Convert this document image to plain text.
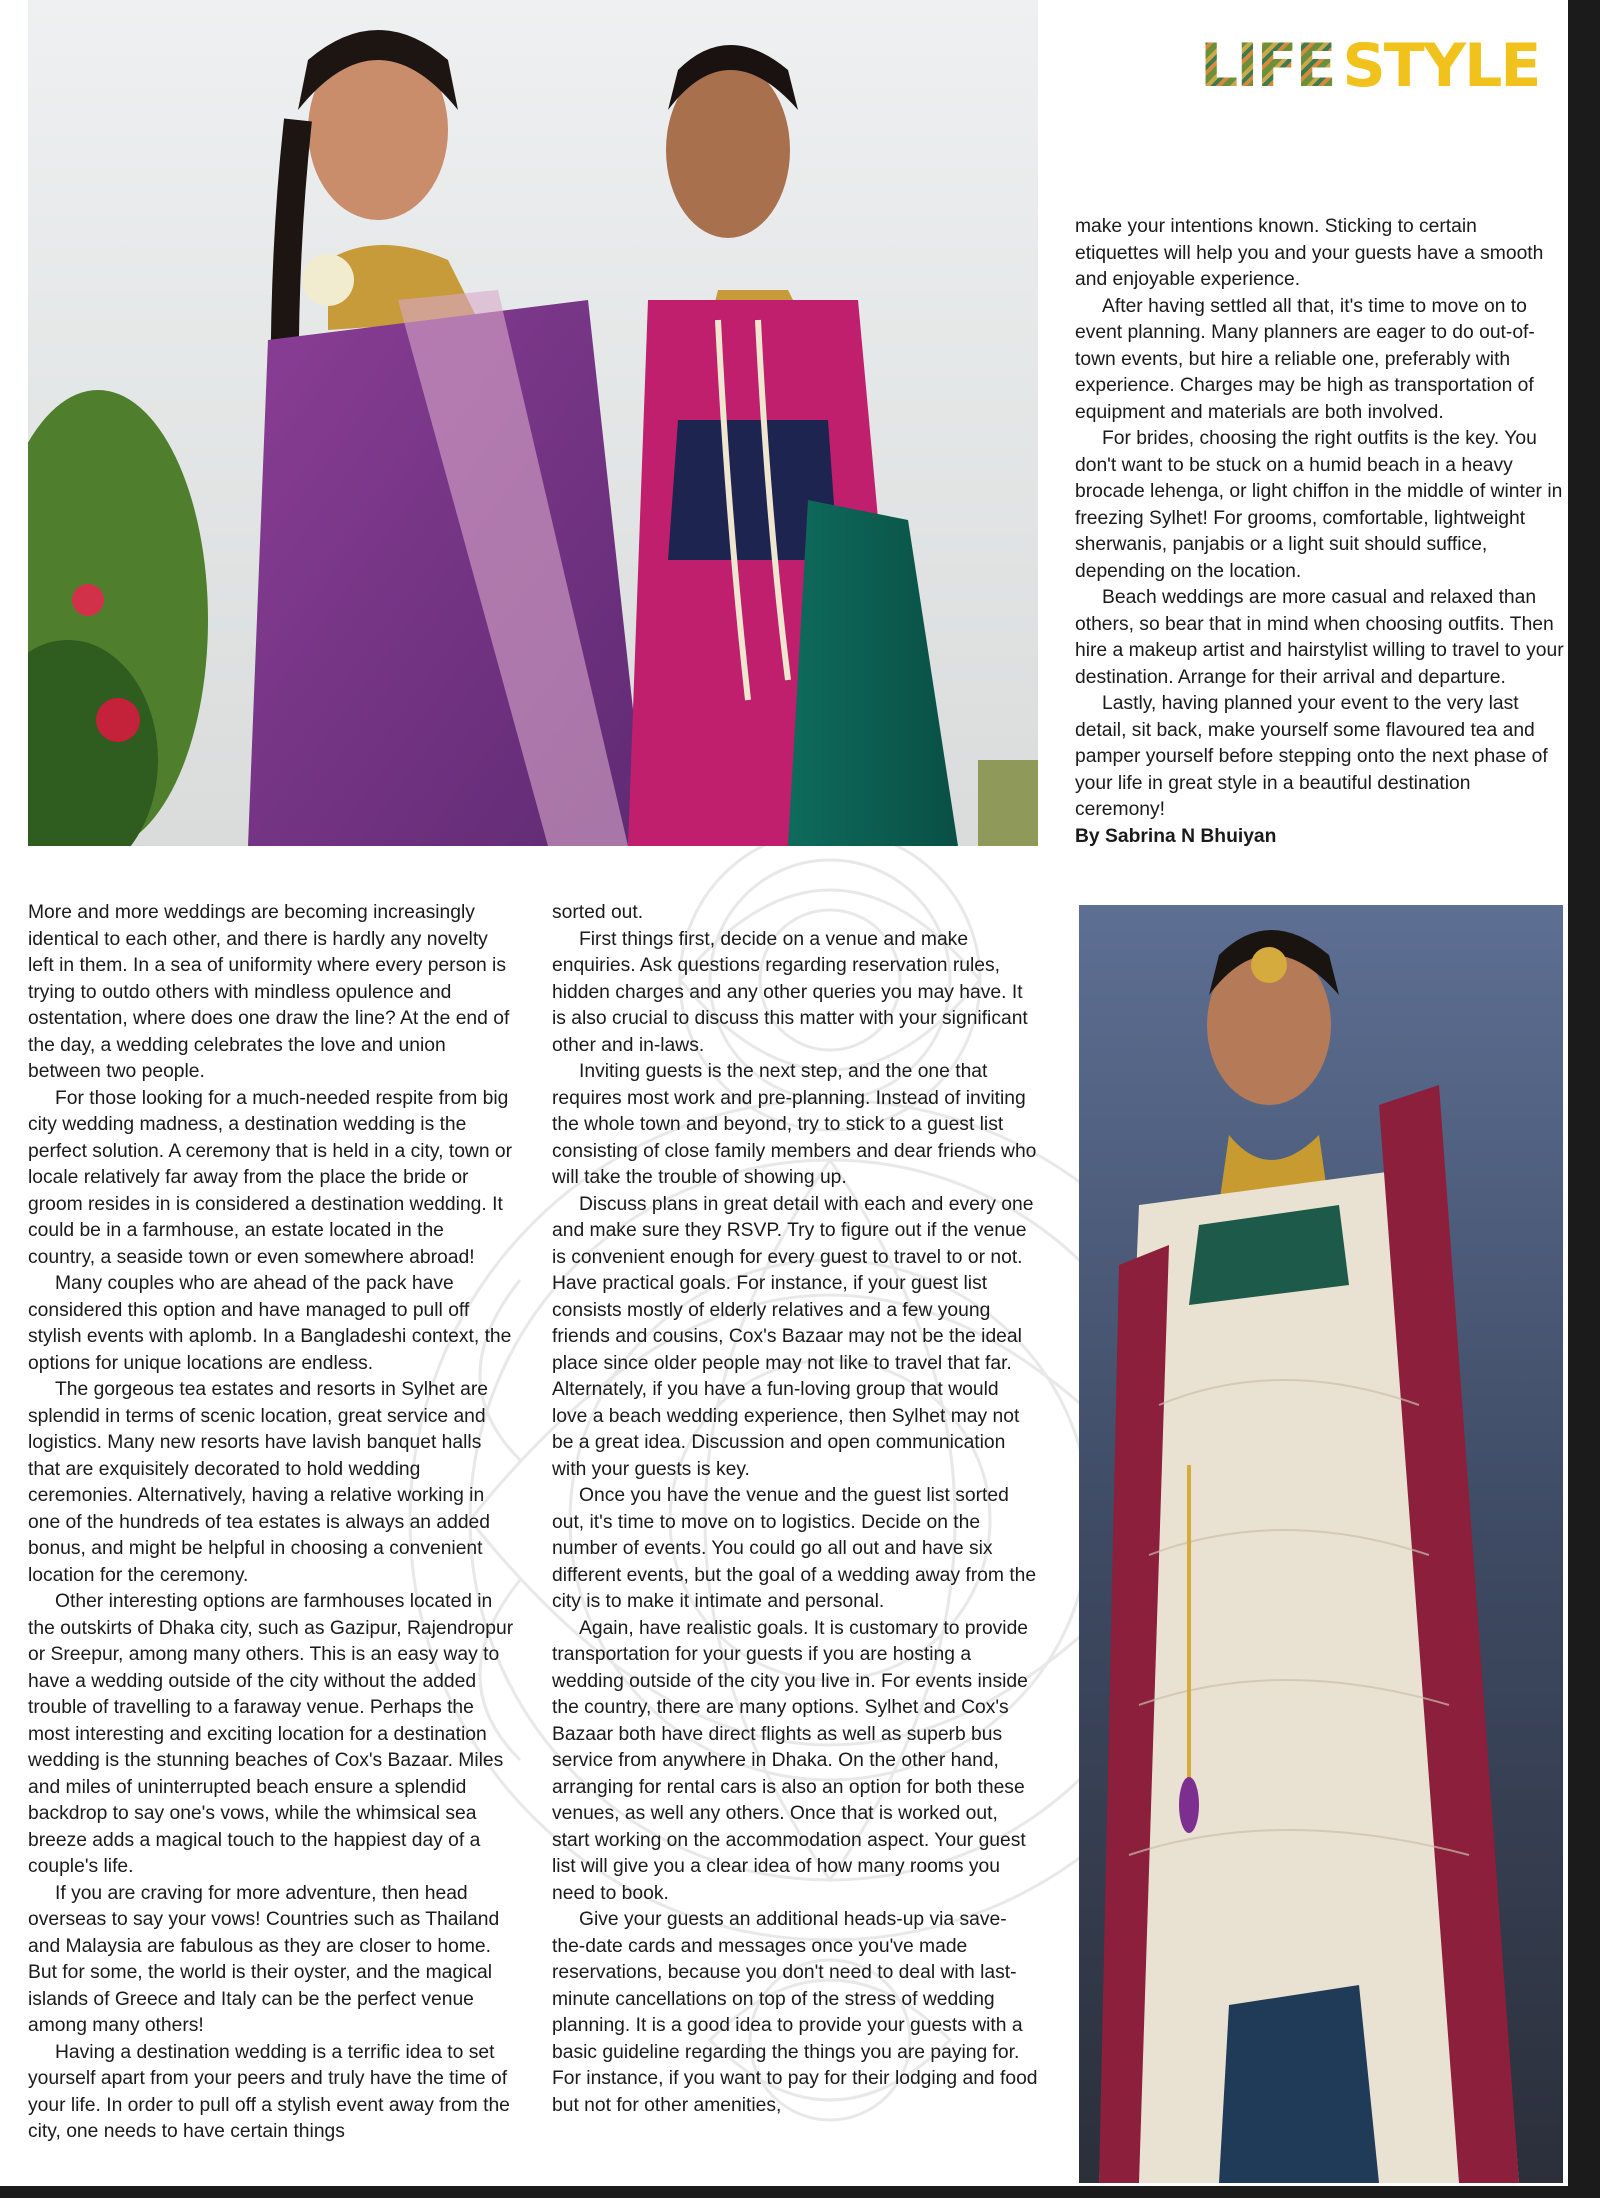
LIFE STYLE

make your intentions known. Sticking to certain etiquettes will help you and your guests have a smooth and enjoyable experience.

After having settled all that, it's time to move on to event planning. Many planners are eager to do out-of-town events, but hire a reliable one, preferably with experience. Charges may be high as transportation of equipment and materials are both involved.

For brides, choosing the right outfits is the key. You don't want to be stuck on a humid beach in a heavy brocade lehenga, or light chiffon in the middle of winter in freezing Sylhet! For grooms, comfortable, lightweight sherwanis, panjabis or a light suit should suffice, depending on the location.

Beach weddings are more casual and relaxed than others, so bear that in mind when choosing outfits. Then hire a makeup artist and hairstylist willing to travel to your destination. Arrange for their arrival and departure.

Lastly, having planned your event to the very last detail, sit back, make yourself some flavoured tea and pamper yourself before stepping onto the next phase of your life in great style in a beautiful destination ceremony!

By Sabrina N Bhuiyan

More and more weddings are becoming increasingly identical to each other, and there is hardly any novelty left in them. In a sea of uniformity where every person is trying to outdo others with mindless opulence and ostentation, where does one draw the line? At the end of the day, a wedding celebrates the love and union between two people.

For those looking for a much-needed respite from big city wedding madness, a destination wedding is the perfect solution. A ceremony that is held in a city, town or locale relatively far away from the place the bride or groom resides in is considered a destination wedding. It could be in a farmhouse, an estate located in the country, a seaside town or even somewhere abroad!

Many couples who are ahead of the pack have considered this option and have managed to pull off stylish events with aplomb. In a Bangladeshi context, the options for unique locations are endless.

The gorgeous tea estates and resorts in Sylhet are splendid in terms of scenic location, great service and logistics. Many new resorts have lavish banquet halls that are exquisitely decorated to hold wedding ceremonies. Alternatively, having a relative working in one of the hundreds of tea estates is always an added bonus, and might be helpful in choosing a convenient location for the ceremony.

Other interesting options are farmhouses located in the outskirts of Dhaka city, such as Gazipur, Rajendropur or Sreepur, among many others. This is an easy way to have a wedding outside of the city without the added trouble of travelling to a faraway venue. Perhaps the most interesting and exciting location for a destination wedding is the stunning beaches of Cox's Bazaar. Miles and miles of uninterrupted beach ensure a splendid backdrop to say one's vows, while the whimsical sea breeze adds a magical touch to the happiest day of a couple's life.

If you are craving for more adventure, then head overseas to say your vows! Countries such as Thailand and Malaysia are fabulous as they are closer to home. But for some, the world is their oyster, and the magical islands of Greece and Italy can be the perfect venue among many others!

Having a destination wedding is a terrific idea to set yourself apart from your peers and truly have the time of your life. In order to pull off a stylish event away from the city, one needs to have certain things

sorted out.

First things first, decide on a venue and make enquiries. Ask questions regarding reservation rules, hidden charges and any other queries you may have. It is also crucial to discuss this matter with your significant other and in-laws.

Inviting guests is the next step, and the one that requires most work and pre-planning. Instead of inviting the whole town and beyond, try to stick to a guest list consisting of close family members and dear friends who will take the trouble of showing up.

Discuss plans in great detail with each and every one and make sure they RSVP. Try to figure out if the venue is convenient enough for every guest to travel to or not. Have practical goals. For instance, if your guest list consists mostly of elderly relatives and a few young friends and cousins, Cox's Bazaar may not be the ideal place since older people may not like to travel that far. Alternately, if you have a fun-loving group that would love a beach wedding experience, then Sylhet may not be a great idea. Discussion and open communication with your guests is key.

Once you have the venue and the guest list sorted out, it's time to move on to logistics. Decide on the number of events. You could go all out and have six different events, but the goal of a wedding away from the city is to make it intimate and personal.

Again, have realistic goals. It is customary to provide transportation for your guests if you are hosting a wedding outside of the city you live in. For events inside the country, there are many options. Sylhet and Cox's Bazaar both have direct flights as well as superb bus service from anywhere in Dhaka. On the other hand, arranging for rental cars is also an option for both these venues, as well any others. Once that is worked out, start working on the accommodation aspect. Your guest list will give you a clear idea of how many rooms you need to book.

Give your guests an additional heads-up via save-the-date cards and messages once you've made reservations, because you don't need to deal with last-minute cancellations on top of the stress of wedding planning. It is a good idea to provide your guests with a basic guideline regarding the things you are paying for. For instance, if you want to pay for their lodging and food but not for other amenities,
